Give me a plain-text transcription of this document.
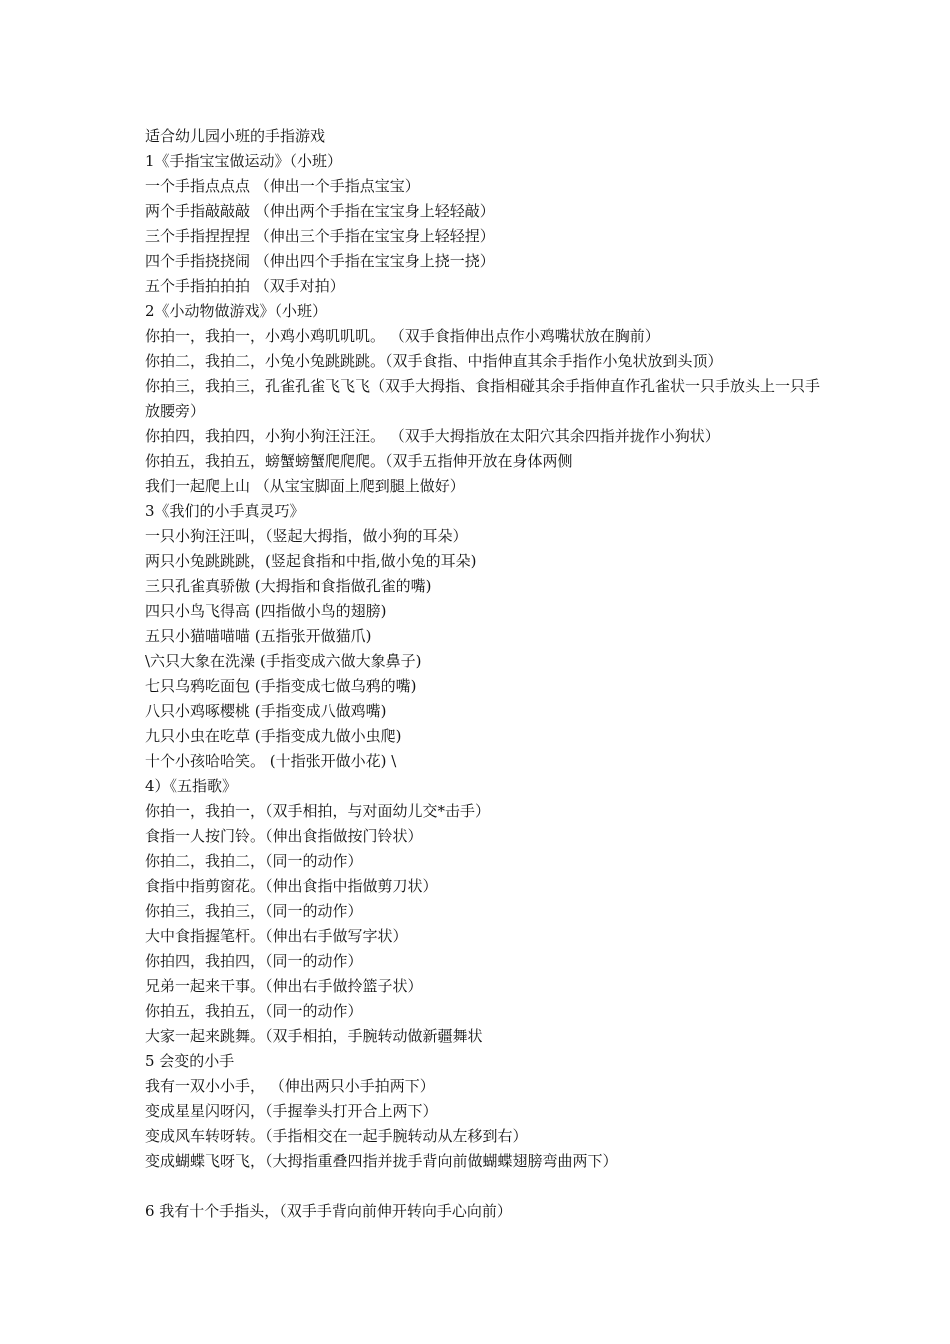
适合幼儿园小班的手指游戏
1《手指宝宝做运动》（小班）
一个手指点点点 （伸出一个手指点宝宝）
两个手指敲敲敲 （伸出两个手指在宝宝身上轻轻敲）
三个手指捏捏捏 （伸出三个手指在宝宝身上轻轻捏）
四个手指挠挠闹 （伸出四个手指在宝宝身上挠一挠）
五个手指拍拍拍 （双手对拍）
2《小动物做游戏》（小班）
你拍一，我拍一，小鸡小鸡叽叽叽。 （双手食指伸出点作小鸡嘴状放在胸前）
你拍二，我拍二，小兔小兔跳跳跳。（双手食指、中指伸直其余手指作小兔状放到头顶）
你拍三，我拍三，孔雀孔雀飞飞飞（双手大拇指、食指相碰其余手指伸直作孔雀状一只手放头上一只手放腰旁）
你拍四，我拍四，小狗小狗汪汪汪。 （双手大拇指放在太阳穴其余四指并拢作小狗状）
你拍五，我拍五，螃蟹螃蟹爬爬爬。（双手五指伸开放在身体两侧
我们一起爬上山 （从宝宝脚面上爬到腿上做好）
3《我们的小手真灵巧》
一只小狗汪汪叫，（竖起大拇指，做小狗的耳朵）
两只小兔跳跳跳，(竖起食指和中指,做小兔的耳朵)
三只孔雀真骄傲 (大拇指和食指做孔雀的嘴)
四只小鸟飞得高 (四指做小鸟的翅膀)
五只小猫喵喵喵 (五指张开做猫爪)
\六只大象在洗澡 (手指变成六做大象鼻子)
七只乌鸦吃面包 (手指变成七做乌鸦的嘴)
八只小鸡啄樱桃 (手指变成八做鸡嘴)
九只小虫在吃草 (手指变成九做小虫爬)
十个小孩哈哈笑。 (十指张开做小花) \
4）《五指歌》
你拍一，我拍一，（双手相拍，与对面幼儿交*击手）
食指一人按门铃。（伸出食指做按门铃状）
你拍二，我拍二，（同一的动作）
食指中指剪窗花。（伸出食指中指做剪刀状）
你拍三，我拍三，（同一的动作）
大中食指握笔杆。（伸出右手做写字状）
你拍四，我拍四，（同一的动作）
兄弟一起来干事。（伸出右手做拎篮子状）
你拍五，我拍五，（同一的动作）
大家一起来跳舞。（双手相拍，手腕转动做新疆舞状
5 会变的小手
我有一双小小手， （伸出两只小手拍两下）
变成星星闪呀闪，（手握拳头打开合上两下）
变成风车转呀转。（手指相交在一起手腕转动从左移到右）
变成蝴蝶飞呀飞，（大拇指重叠四指并拢手背向前做蝴蝶翅膀弯曲两下）
6 我有十个手指头，（双手手背向前伸开转向手心向前）
